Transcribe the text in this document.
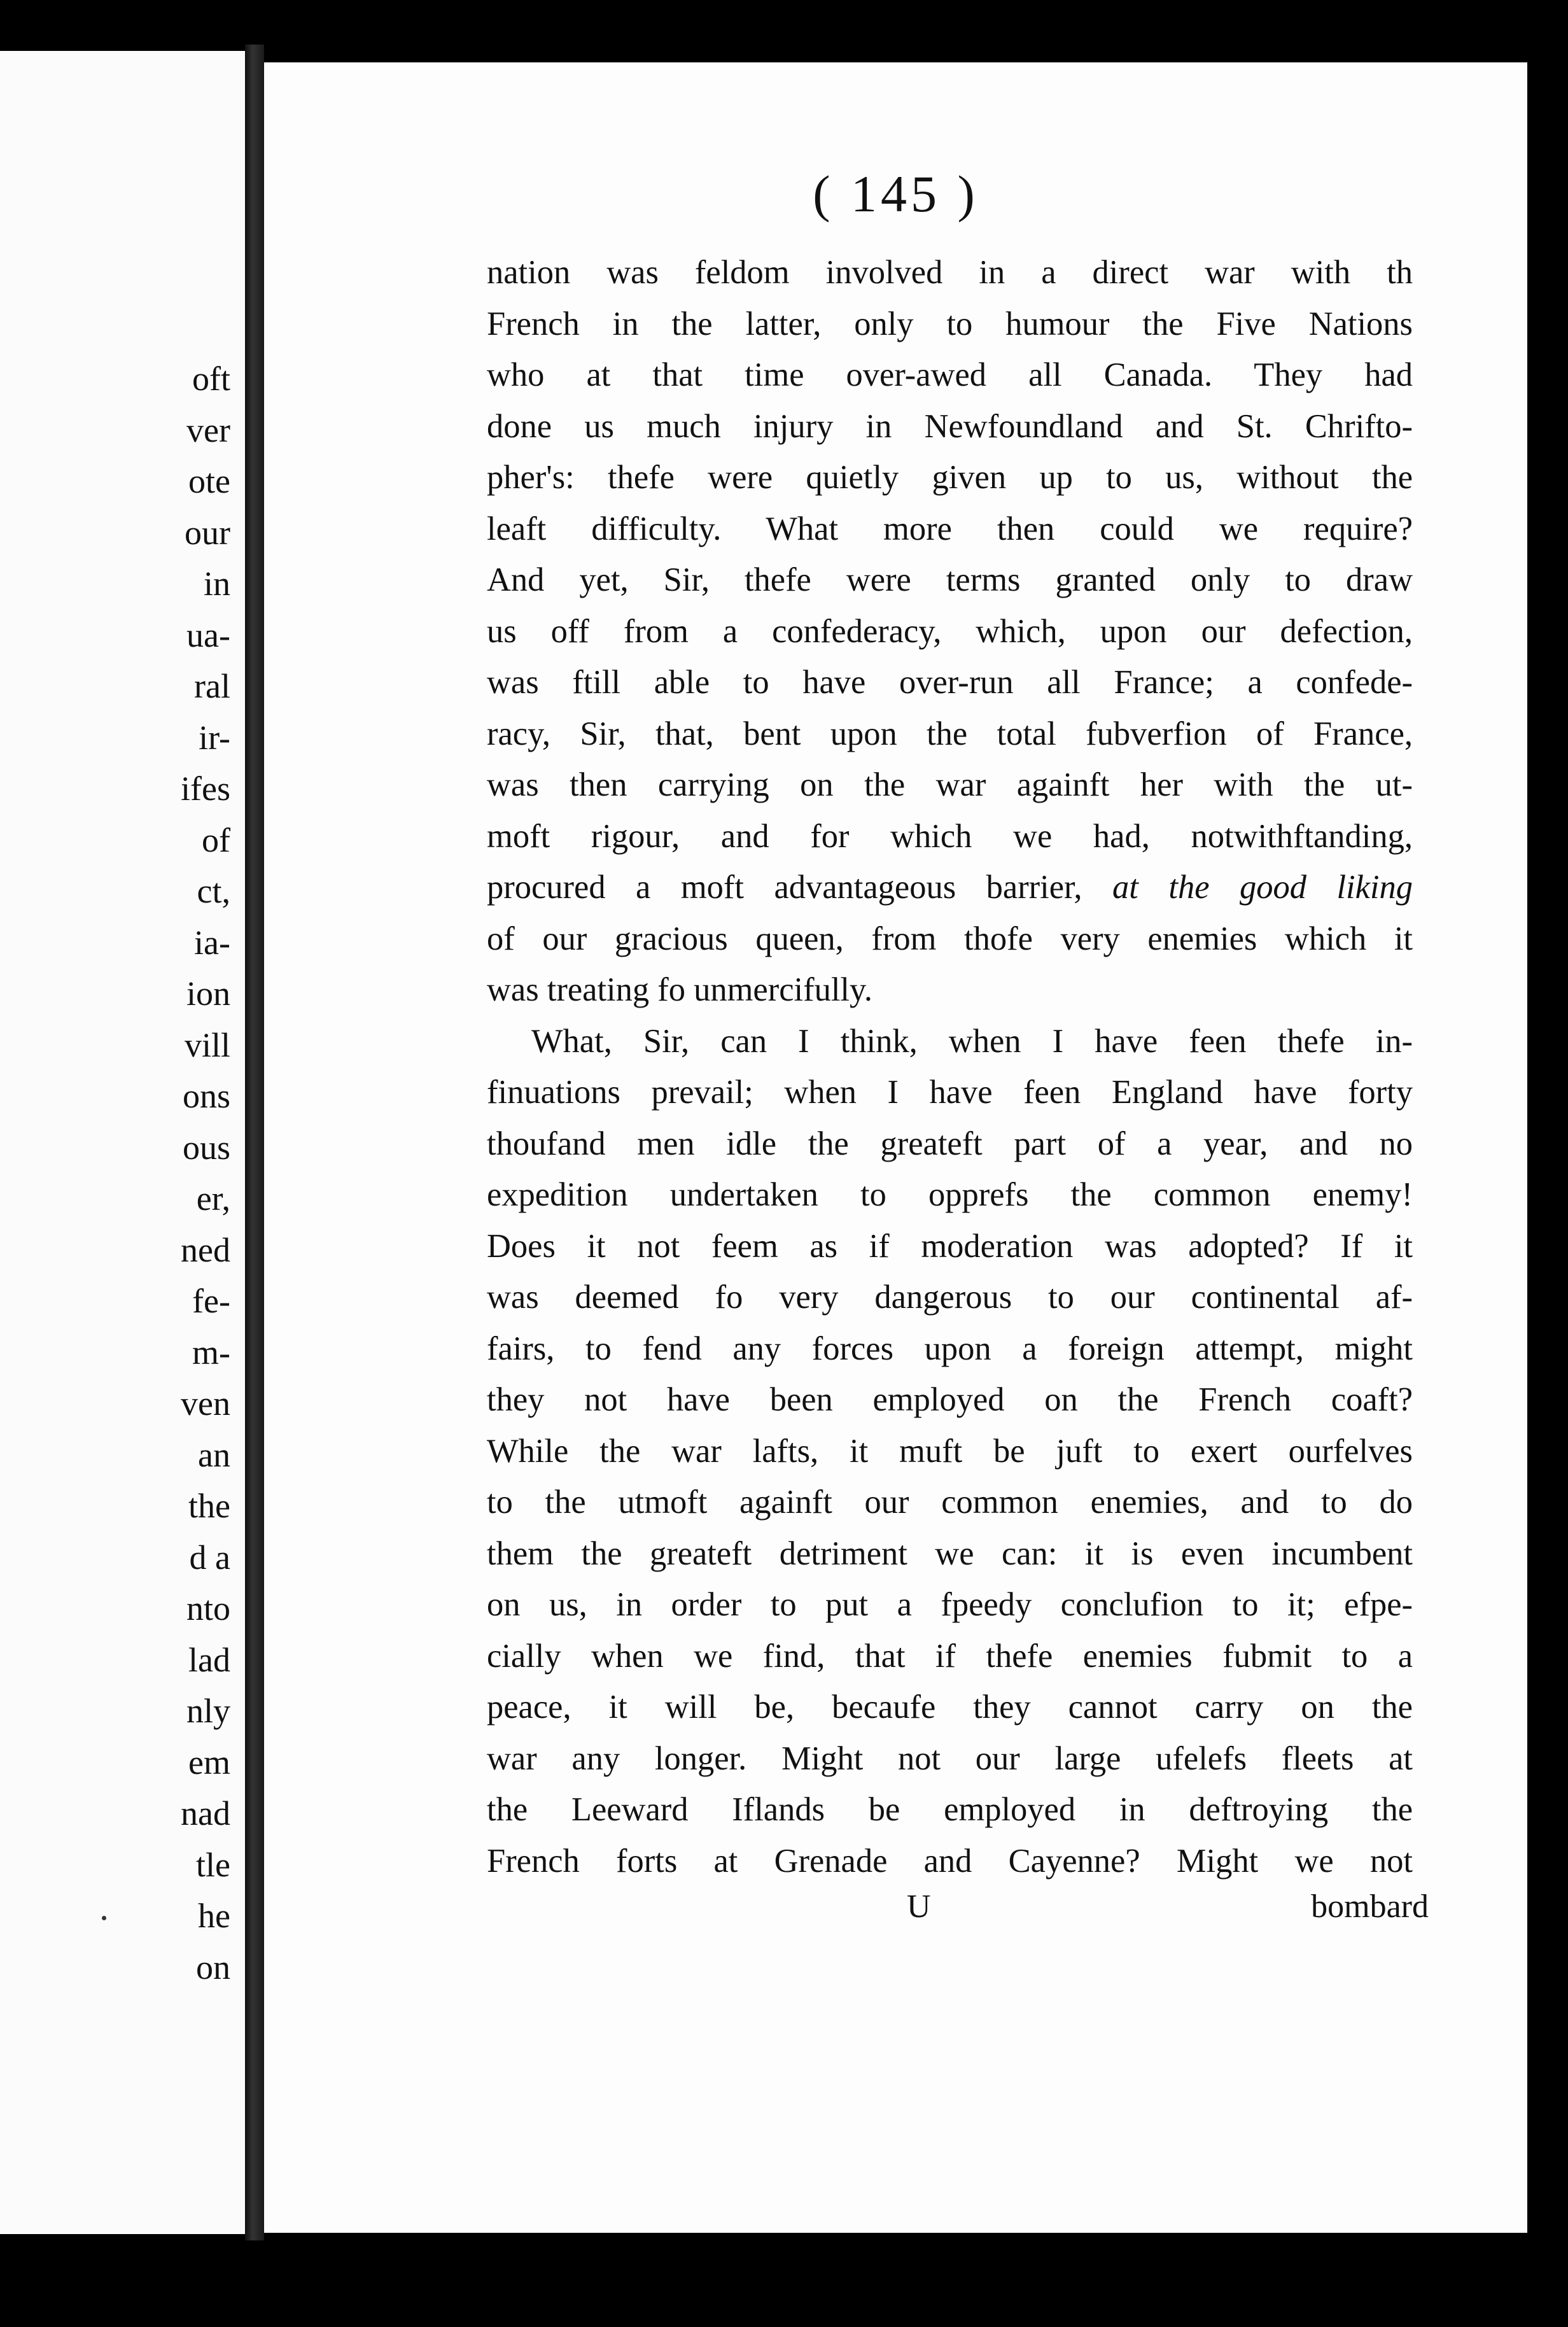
oft
ver
ote
our
in
ua-
ral
ir-
ifes
of
ct,
ia-
ion
vill
ons
ous
er,
ned
fe-
m-
ven
an
the
d a
nto
lad
nly
em
nad
tle
he
on
( 145 )
nation was feldom involved in a direct war with th
French in the latter, only to humour the Five Nations
who at that time over-awed all Canada. They had
done us much injury in Newfoundland and St. Chrifto-
pher's: thefe were quietly given up to us, without the
leaft difficulty. What more then could we require?
And yet, Sir, thefe were terms granted only to draw
us off from a confederacy, which, upon our defection,
was ftill able to have over-run all France; a confede-
racy, Sir, that, bent upon the total fubverfion of France,
was then carrying on the war againft her with the ut-
moft rigour, and for which we had, notwithftanding,
procured a moft advantageous barrier, at the good liking
of our gracious queen, from thofe very enemies which it
was treating fo unmercifully.
What, Sir, can I think, when I have feen thefe in-
finuations prevail; when I have feen England have forty
thoufand men idle the greateft part of a year, and no
expedition undertaken to opprefs the common enemy!
Does it not feem as if moderation was adopted? If it
was deemed fo very dangerous to our continental af-
fairs, to fend any forces upon a foreign attempt, might
they not have been employed on the French coaft?
While the war lafts, it muft be juft to exert ourfelves
to the utmoft againft our common enemies, and to do
them the greateft detriment we can: it is even incumbent
on us, in order to put a fpeedy conclufion to it; efpe-
cially when we find, that if thefe enemies fubmit to a
peace, it will be, becaufe they cannot carry on the
war any longer. Might not our large ufelefs fleets at
the Leeward Iflands be employed in deftroying the
French forts at Grenade and Cayenne? Might we not
U	bombard
